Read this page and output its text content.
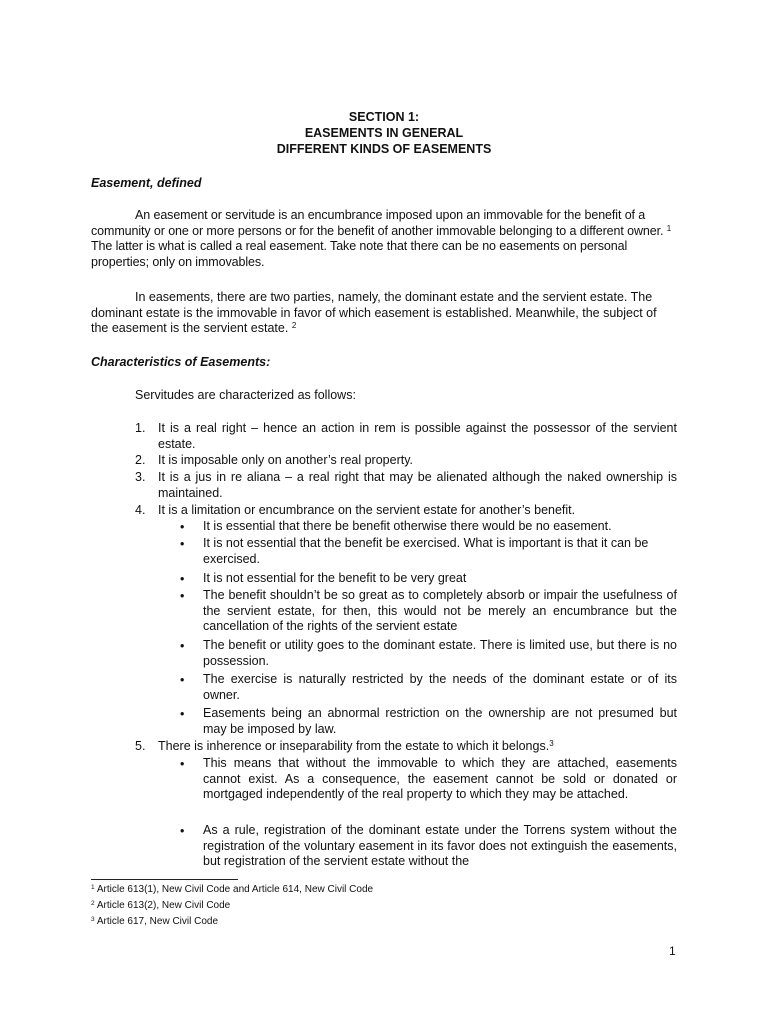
SECTION 1:
EASEMENTS IN GENERAL
DIFFERENT KINDS OF EASEMENTS
Easement, defined
An easement or servitude is an encumbrance imposed upon an immovable for the benefit of a community or one or more persons or for the benefit of another immovable belonging to a different owner. $^1$ The latter is what is called a real easement. Take note that there can be no easements on personal properties; only on immovables.
In easements, there are two parties, namely, the dominant estate and the servient estate. The dominant estate is the immovable in favor of which easement is established. Meanwhile, the subject of the easement is the servient estate. $^2$
Characteristics of Easements:
Servitudes are characterized as follows:
1. It is a real right – hence an action in rem is possible against the possessor of the servient estate.
2. It is imposable only on another’s real property.
3. It is a jus in re aliana – a real right that may be alienated although the naked ownership is maintained.
4. It is a limitation or encumbrance on the servient estate for another’s benefit.
• It is essential that there be benefit otherwise there would be no easement.
• It is not essential that the benefit be exercised. What is important is that it can be exercised.
• It is not essential for the benefit to be very great
• The benefit shouldn’t be so great as to completely absorb or impair the usefulness of the servient estate, for then, this would not be merely an encumbrance but the cancellation of the rights of the servient estate
• The benefit or utility goes to the dominant estate. There is limited use, but there is no possession.
• The exercise is naturally restricted by the needs of the dominant estate or of its owner.
• Easements being an abnormal restriction on the ownership are not presumed but may be imposed by law.
5. There is inherence or inseparability from the estate to which it belongs.$^3$
• This means that without the immovable to which they are attached, easements cannot exist. As a consequence, the easement cannot be sold or donated or mortgaged independently of the real property to which they may be attached.
• As a rule, registration of the dominant estate under the Torrens system without the registration of the voluntary easement in its favor does not extinguish the easements, but registration of the servient estate without the
$^1$ Article 613(1), New Civil Code and Article 614, New Civil Code
$^2$ Article 613(2), New Civil Code
$^3$ Article 617, New Civil Code
1
